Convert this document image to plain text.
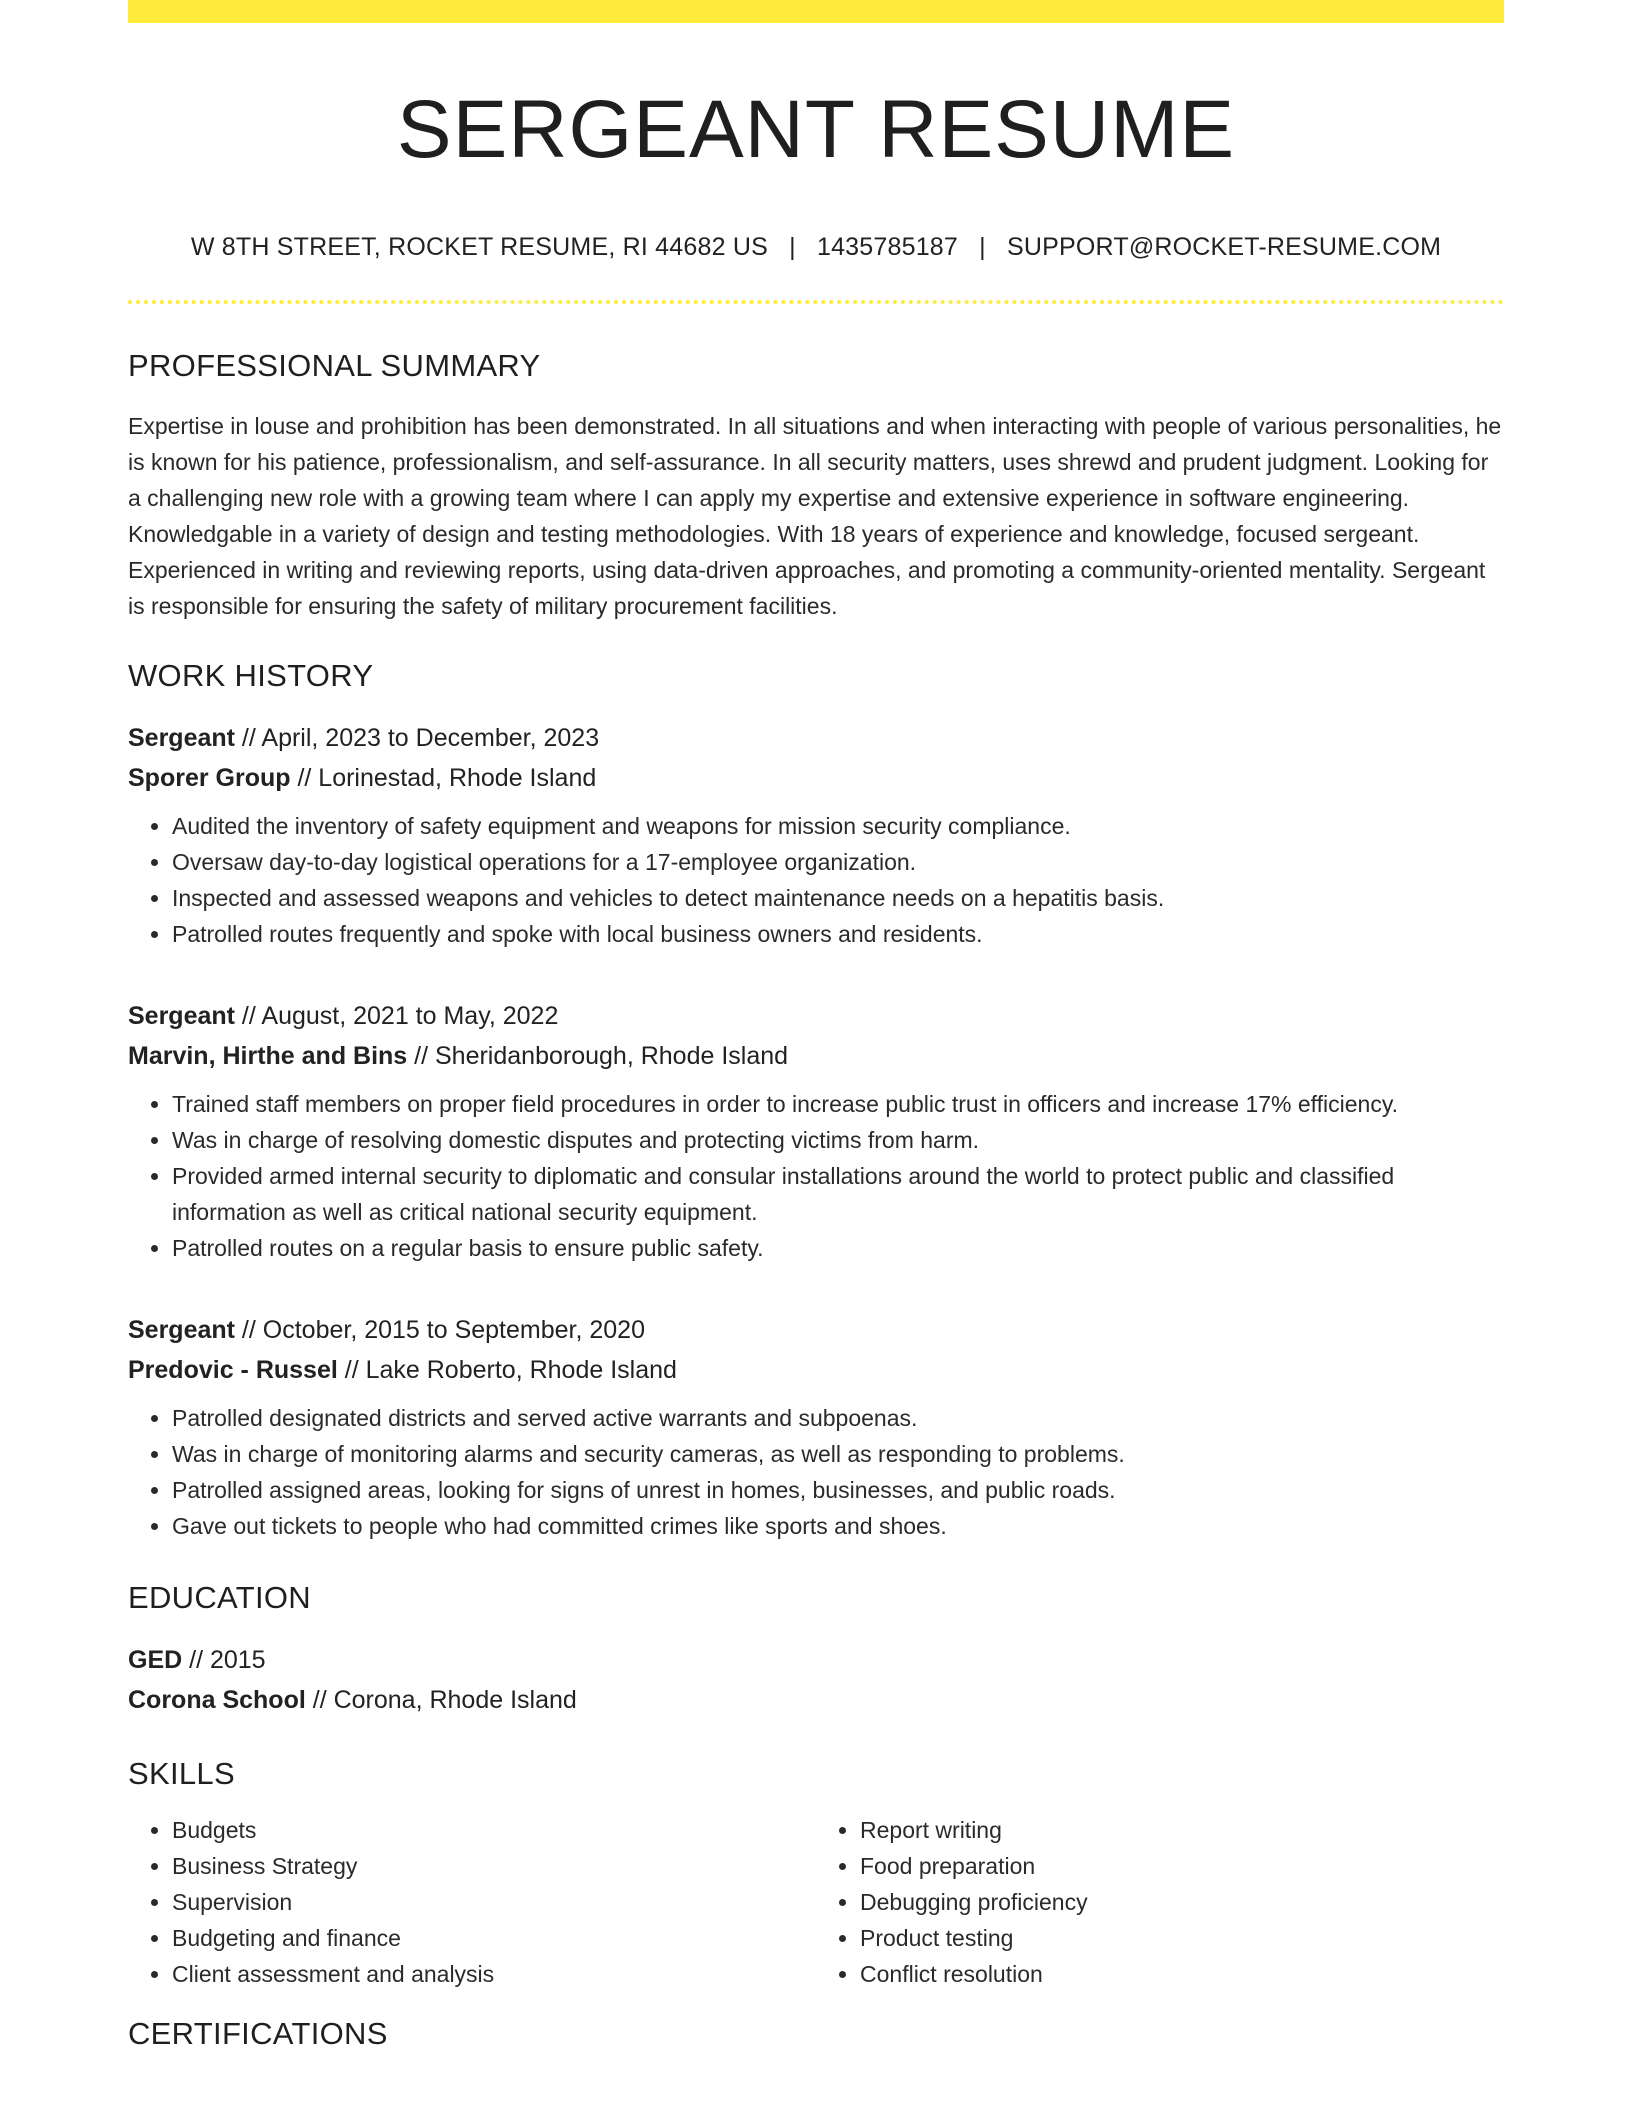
SERGEANT RESUME
W 8TH STREET, ROCKET RESUME, RI 44682 US | 1435785187 | SUPPORT@ROCKET-RESUME.COM
PROFESSIONAL SUMMARY
Expertise in louse and prohibition has been demonstrated. In all situations and when interacting with people of various personalities, he is known for his patience, professionalism, and self-assurance. In all security matters, uses shrewd and prudent judgment. Looking for a challenging new role with a growing team where I can apply my expertise and extensive experience in software engineering. Knowledgable in a variety of design and testing methodologies. With 18 years of experience and knowledge, focused sergeant. Experienced in writing and reviewing reports, using data-driven approaches, and promoting a community-oriented mentality. Sergeant is responsible for ensuring the safety of military procurement facilities.
WORK HISTORY
Sergeant // April, 2023 to December, 2023
Sporer Group // Lorinestad, Rhode Island
• Audited the inventory of safety equipment and weapons for mission security compliance.
• Oversaw day-to-day logistical operations for a 17-employee organization.
• Inspected and assessed weapons and vehicles to detect maintenance needs on a hepatitis basis.
• Patrolled routes frequently and spoke with local business owners and residents.
Sergeant // August, 2021 to May, 2022
Marvin, Hirthe and Bins // Sheridanborough, Rhode Island
• Trained staff members on proper field procedures in order to increase public trust in officers and increase 17% efficiency.
• Was in charge of resolving domestic disputes and protecting victims from harm.
• Provided armed internal security to diplomatic and consular installations around the world to protect public and classified information as well as critical national security equipment.
• Patrolled routes on a regular basis to ensure public safety.
Sergeant // October, 2015 to September, 2020
Predovic - Russel // Lake Roberto, Rhode Island
• Patrolled designated districts and served active warrants and subpoenas.
• Was in charge of monitoring alarms and security cameras, as well as responding to problems.
• Patrolled assigned areas, looking for signs of unrest in homes, businesses, and public roads.
• Gave out tickets to people who had committed crimes like sports and shoes.
EDUCATION
GED // 2015
Corona School // Corona, Rhode Island
SKILLS
• Budgets
• Business Strategy
• Supervision
• Budgeting and finance
• Client assessment and analysis
• Report writing
• Food preparation
• Debugging proficiency
• Product testing
• Conflict resolution
CERTIFICATIONS
